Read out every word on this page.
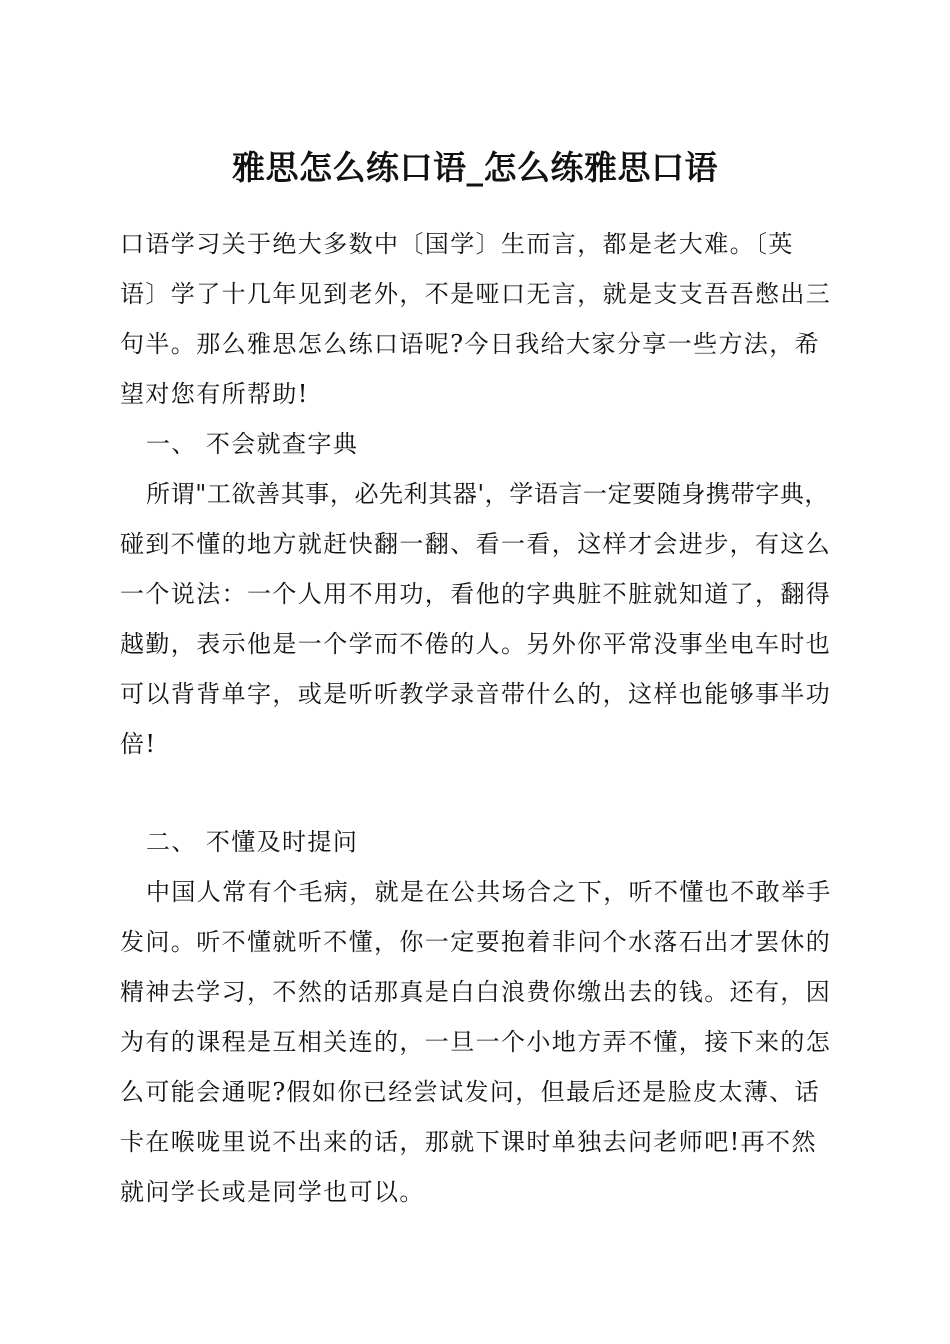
雅思怎么练口语_怎么练雅思口语
口语学习关于绝大多数中〔国学〕生而言，都是老大难。〔英
语〕学了十几年见到老外，不是哑口无言，就是支支吾吾憋出三
句半。那么雅思怎么练口语呢?今日我给大家分享一些方法，希
望对您有所帮助!
一、 不会就查字典
所谓"工欲善其事，必先利其器'，学语言一定要随身携带字典，
碰到不懂的地方就赶快翻一翻、看一看，这样才会进步，有这么
一个说法：一个人用不用功，看他的字典脏不脏就知道了，翻得
越勤，表示他是一个学而不倦的人。另外你平常没事坐电车时也
可以背背单字，或是听听教学录音带什么的，这样也能够事半功
倍!
二、 不懂及时提问
中国人常有个毛病，就是在公共场合之下，听不懂也不敢举手
发问。听不懂就听不懂，你一定要抱着非问个水落石出才罢休的
精神去学习，不然的话那真是白白浪费你缴出去的钱。还有，因
为有的课程是互相关连的，一旦一个小地方弄不懂，接下来的怎
么可能会通呢?假如你已经尝试发问，但最后还是脸皮太薄、话
卡在喉咙里说不出来的话，那就下课时单独去问老师吧!再不然
就问学长或是同学也可以。
